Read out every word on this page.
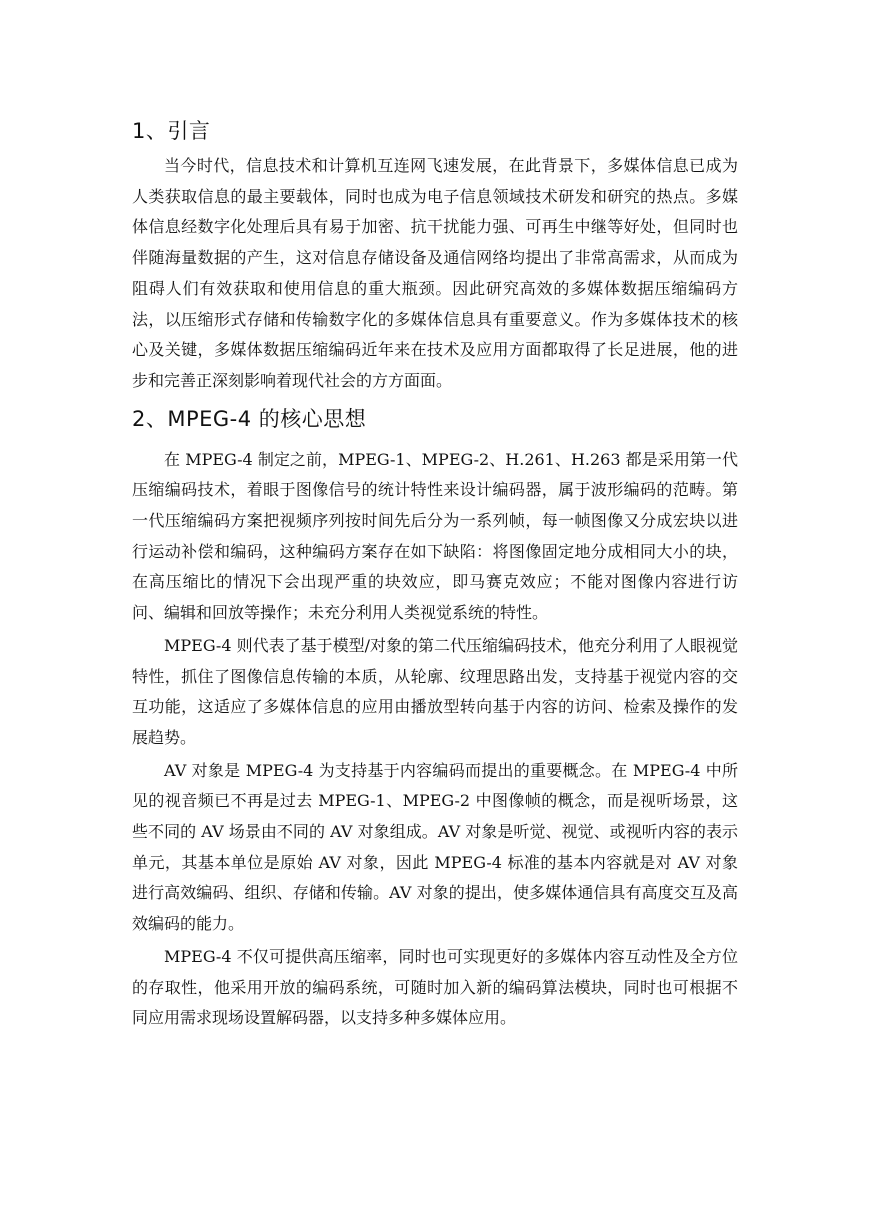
1、引言

当今时代，信息技术和计算机互连网飞速发展，在此背景下，多媒体信息已成为人类获取信息的最主要载体，同时也成为电子信息领域技术研发和研究的热点。多媒体信息经数字化处理后具有易于加密、抗干扰能力强、可再生中继等好处，但同时也伴随海量数据的产生，这对信息存储设备及通信网络均提出了非常高需求，从而成为阻碍人们有效获取和使用信息的重大瓶颈。因此研究高效的多媒体数据压缩编码方法，以压缩形式存储和传输数字化的多媒体信息具有重要意义。作为多媒体技术的核心及关键，多媒体数据压缩编码近年来在技术及应用方面都取得了长足进展，他的进步和完善正深刻影响着现代社会的方方面面。

2、MPEG-4 的核心思想

在 MPEG-4 制定之前，MPEG-1、MPEG-2、H.261、H.263 都是采用第一代压缩编码技术，着眼于图像信号的统计特性来设计编码器，属于波形编码的范畴。第一代压缩编码方案把视频序列按时间先后分为一系列帧，每一帧图像又分成宏块以进行运动补偿和编码，这种编码方案存在如下缺陷：将图像固定地分成相同大小的块，在高压缩比的情况下会出现严重的块效应，即马赛克效应；不能对图像内容进行访问、编辑和回放等操作；未充分利用人类视觉系统的特性。

MPEG-4 则代表了基于模型/对象的第二代压缩编码技术，他充分利用了人眼视觉特性，抓住了图像信息传输的本质，从轮廓、纹理思路出发，支持基于视觉内容的交互功能，这适应了多媒体信息的应用由播放型转向基于内容的访问、检索及操作的发展趋势。

AV 对象是 MPEG-4 为支持基于内容编码而提出的重要概念。在 MPEG-4 中所见的视音频已不再是过去 MPEG-1、MPEG-2 中图像帧的概念，而是视听场景，这些不同的 AV 场景由不同的 AV 对象组成。AV 对象是听觉、视觉、或视听内容的表示单元，其基本单位是原始 AV 对象，因此 MPEG-4 标准的基本内容就是对 AV 对象进行高效编码、组织、存储和传输。AV 对象的提出，使多媒体通信具有高度交互及高效编码的能力。

MPEG-4 不仅可提供高压缩率，同时也可实现更好的多媒体内容互动性及全方位的存取性，他采用开放的编码系统，可随时加入新的编码算法模块，同时也可根据不同应用需求现场设置解码器，以支持多种多媒体应用。
